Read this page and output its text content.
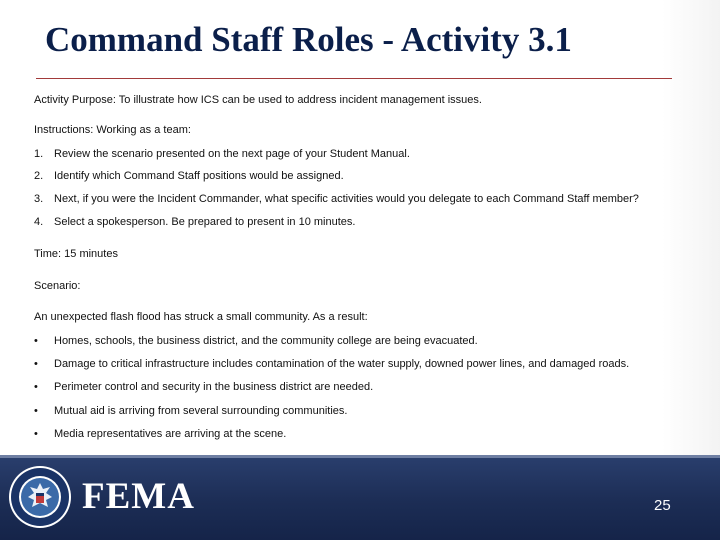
Command Staff Roles - Activity 3.1
Activity Purpose: To illustrate how ICS can be used to address incident management issues.
Instructions: Working as a team:
1. Review the scenario presented on the next page of your Student Manual.
2. Identify which Command Staff positions would be assigned.
3. Next, if you were the Incident Commander, what specific activities would you delegate to each Command Staff member?
4. Select a spokesperson. Be prepared to present in 10 minutes.
Time: 15 minutes
Scenario:
An unexpected flash flood has struck a small community. As a result:
• Homes, schools, the business district, and the community college are being evacuated.
• Damage to critical infrastructure includes contamination of the water supply, downed power lines, and damaged roads.
• Perimeter control and security in the business district are needed.
• Mutual aid is arriving from several surrounding communities.
• Media representatives are arriving at the scene.
FEMA	25
